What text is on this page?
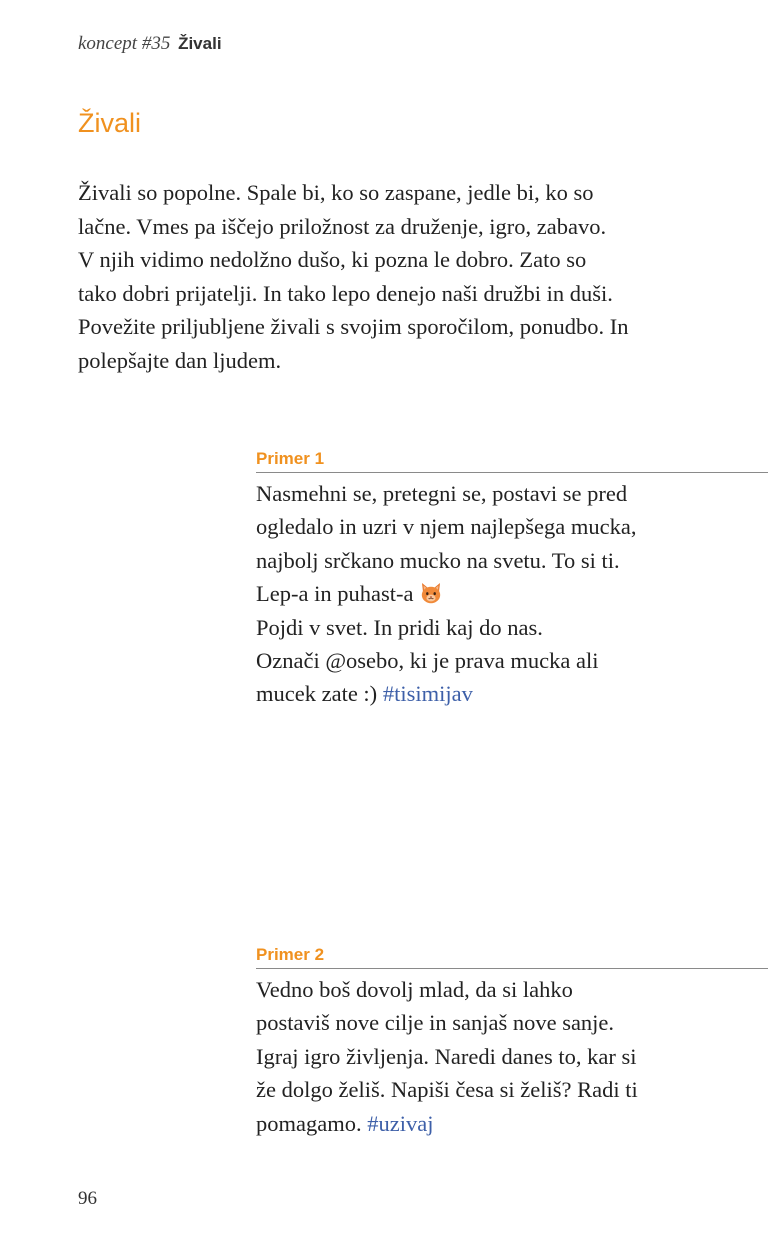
koncept #35 Živali
Živali
Živali so popolne. Spale bi, ko so zaspane, jedle bi, ko so
lačne. Vmes pa iščejo priložnost za druženje, igro, zabavo.
V njih vidimo nedolžno dušo, ki pozna le dobro. Zato so
tako dobri prijatelji. In tako lepo denejo naši družbi in duši.
Povežite priljubljene živali s svojim sporočilom, ponudbo. In
polepšajte dan ljudem.
Primer 1
Nasmehni se, pretegni se, postavi se pred
ogledalo in uzri v njem najlepšega mucka,
najbolj srčkano mucko na svetu. To si ti.
Lep-a in puhast-a
Pojdi v svet. In pridi kaj do nas.
Označi @osebo, ki je prava mucka ali
mucek zate :) #tisimijav
Primer 2
Vedno boš dovolj mlad, da si lahko
postaviš nove cilje in sanjaš nove sanje.
Igraj igro življenja. Naredi danes to, kar si
že dolgo želiš. Napiši česa si želiš? Radi ti
pomagamo. #uzivaj
96
